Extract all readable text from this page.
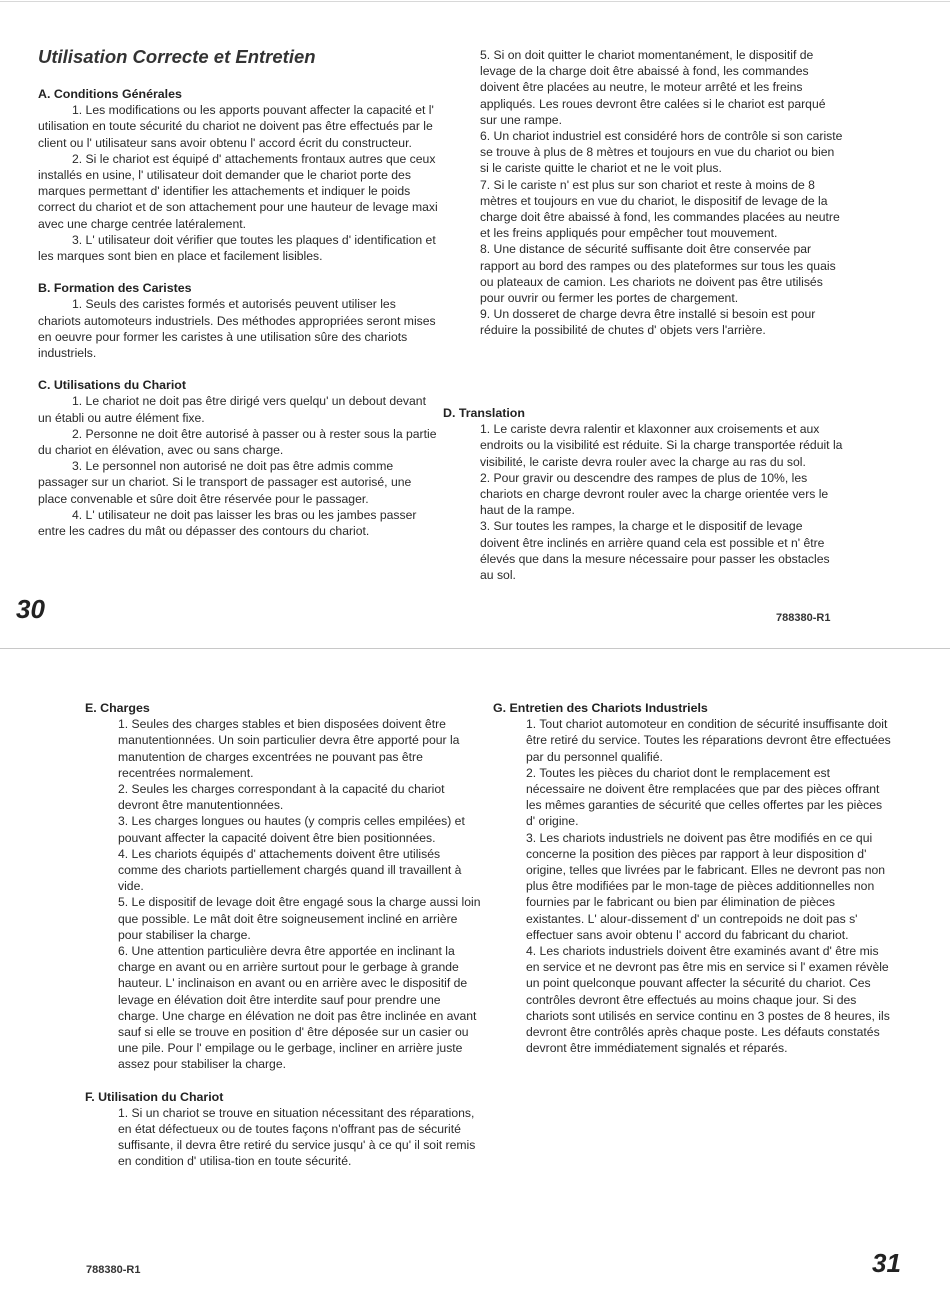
Utilisation Correcte et Entretien
A. Conditions Générales

1. Les modifications ou les apports pouvant affecter la capacité et l' utilisation en toute sécurité du chariot ne doivent pas être effectués par le client ou l' utilisateur sans avoir obtenu l' accord écrit du constructeur.

2. Si le chariot est équipé d' attachements frontaux autres que ceux installés en usine, l' utilisateur doit demander que le chariot porte des marques permettant d' identifier les attachements et indiquer le poids correct du chariot et de son attachement pour une hauteur de levage maxi avec une charge centrée latéralement.

3. L' utilisateur doit vérifier que toutes les plaques d' identification et les marques sont bien en place et facilement lisibles.

B. Formation des Caristes

1. Seuls des caristes formés et autorisés peuvent utiliser les chariots automoteurs industriels. Des méthodes appropriées seront mises en oeuvre pour former les caristes à une utilisation sûre des chariots industriels.

C. Utilisations du Chariot

1. Le chariot ne doit pas être dirigé vers quelqu' un debout devant un établi ou autre élément fixe.

2. Personne ne doit être autorisé à passer ou à rester sous la partie du chariot en élévation, avec ou sans charge.

3. Le personnel non autorisé ne doit pas être admis comme passager sur un chariot. Si le transport de passager est autorisé, une place convenable et sûre doit être réservée pour le passager.

4. L' utilisateur ne doit pas laisser les bras ou les jambes passer entre les cadres du mât ou dépasser des contours du chariot.

30

5. Si on doit quitter le chariot momentanément, le dispositif de levage de la charge doit être abaissé à fond, les commandes doivent être placées au neutre, le moteur arrêté et les freins appliqués. Les roues devront être calées si le chariot est parqué sur une rampe.

6. Un chariot industriel est considéré hors de contrôle si son cariste se trouve à plus de 8 mètres et toujours en vue du chariot ou bien si le cariste quitte le chariot et ne le voit plus.

7. Si le cariste n' est plus sur son chariot et reste à moins de 8 mètres et toujours en vue du chariot, le dispositif de levage de la charge doit être abaissé à fond, les commandes placées au neutre et les freins appliqués pour empêcher tout mouvement.

8. Une distance de sécurité suffisante doit être conservée par rapport au bord des rampes ou des plateformes sur tous les quais ou plateaux de camion. Les chariots ne doivent pas être utilisés pour ouvrir ou fermer les portes de chargement.

9. Un dosseret de charge devra être installé si besoin est pour réduire la possibilité de chutes d' objets vers l'arrière.

D. Translation

1. Le cariste devra ralentir et klaxonner aux croisements et aux endroits ou la visibilité est réduite. Si la charge transportée réduit la visibilité, le cariste devra rouler avec la charge au ras du sol.

2. Pour gravir ou descendre des rampes de plus de 10%, les chariots en charge devront rouler avec la charge orientée vers le haut de la rampe.

3. Sur toutes les rampes, la charge et le dispositif de levage doivent être inclinés en arrière quand cela est possible et n' être élevés que dans la mesure nécessaire pour passer les obstacles au sol.

788380-R1
E. Charges

1. Seules des charges stables et bien disposées doivent être manutentionnées. Un soin particulier devra être apporté pour la manutention de charges excentrées ne pouvant pas être recentrées normalement.

2. Seules les charges correspondant à la capacité du chariot devront être manutentionnées.

3. Les charges longues ou hautes (y compris celles empilées) et pouvant affecter la capacité doivent être bien positionnées.

4. Les chariots équipés d' attachements doivent être utilisés comme des chariots partiellement chargés quand ill travaillent à vide.

5. Le dispositif de levage doit être engagé sous la charge aussi loin que possible. Le mât doit être soigneusement incliné en arrière pour stabiliser la charge.

6. Une attention particulière devra être apportée en inclinant la charge en avant ou en arrière surtout pour le gerbage à grande hauteur. L' inclinaison en avant ou en arrière avec le dispositif de levage en élévation doit être interdite sauf pour prendre une charge. Une charge en élévation ne doit pas être inclinée en avant sauf si elle se trouve en position d' être déposée sur un casier ou une pile. Pour l' empilage ou le gerbage, incliner en arrière juste assez pour stabiliser la charge.

F. Utilisation du Chariot

1. Si un chariot se trouve en situation nécessitant des réparations, en état défectueux ou de toutes façons n'offrant pas de sécurité suffisante, il devra être retiré du service jusqu' à ce qu' il soit remis en condition d' utilisa-tion en toute sécurité.

788380-R1
G. Entretien des Chariots Industriels

1. Tout chariot automoteur en condition de sécurité insuffisante doit être retiré du service. Toutes les réparations devront être effectuées par du personnel qualifié.

2. Toutes les pièces du chariot dont le remplacement est nécessaire ne doivent être remplacées que par des pièces offrant les mêmes garanties de sécurité que celles offertes par les pièces d' origine.

3. Les chariots industriels ne doivent pas être modifiés en ce qui concerne la position des pièces par rapport à leur disposition d' origine, telles que livrées par le fabricant. Elles ne devront pas non plus être modifiées par le mon-tage de pièces additionnelles non fournies par le fabricant ou bien par élimination de pièces existantes. L' alour-dissement d' un contrepoids ne doit pas s' effectuer sans avoir obtenu l' accord du fabricant du chariot.

4. Les chariots industriels doivent être examinés avant d' être mis en service et ne devront pas être mis en service si l' examen révèle un point quelconque pouvant affecter la sécurité du chariot. Ces contrôles devront être effectués au moins chaque jour. Si des chariots sont utilisés en service continu en 3 postes de 8 heures, ils devront être contrôlés après chaque poste. Les défauts constatés devront être immédiatement signalés et réparés.

31
